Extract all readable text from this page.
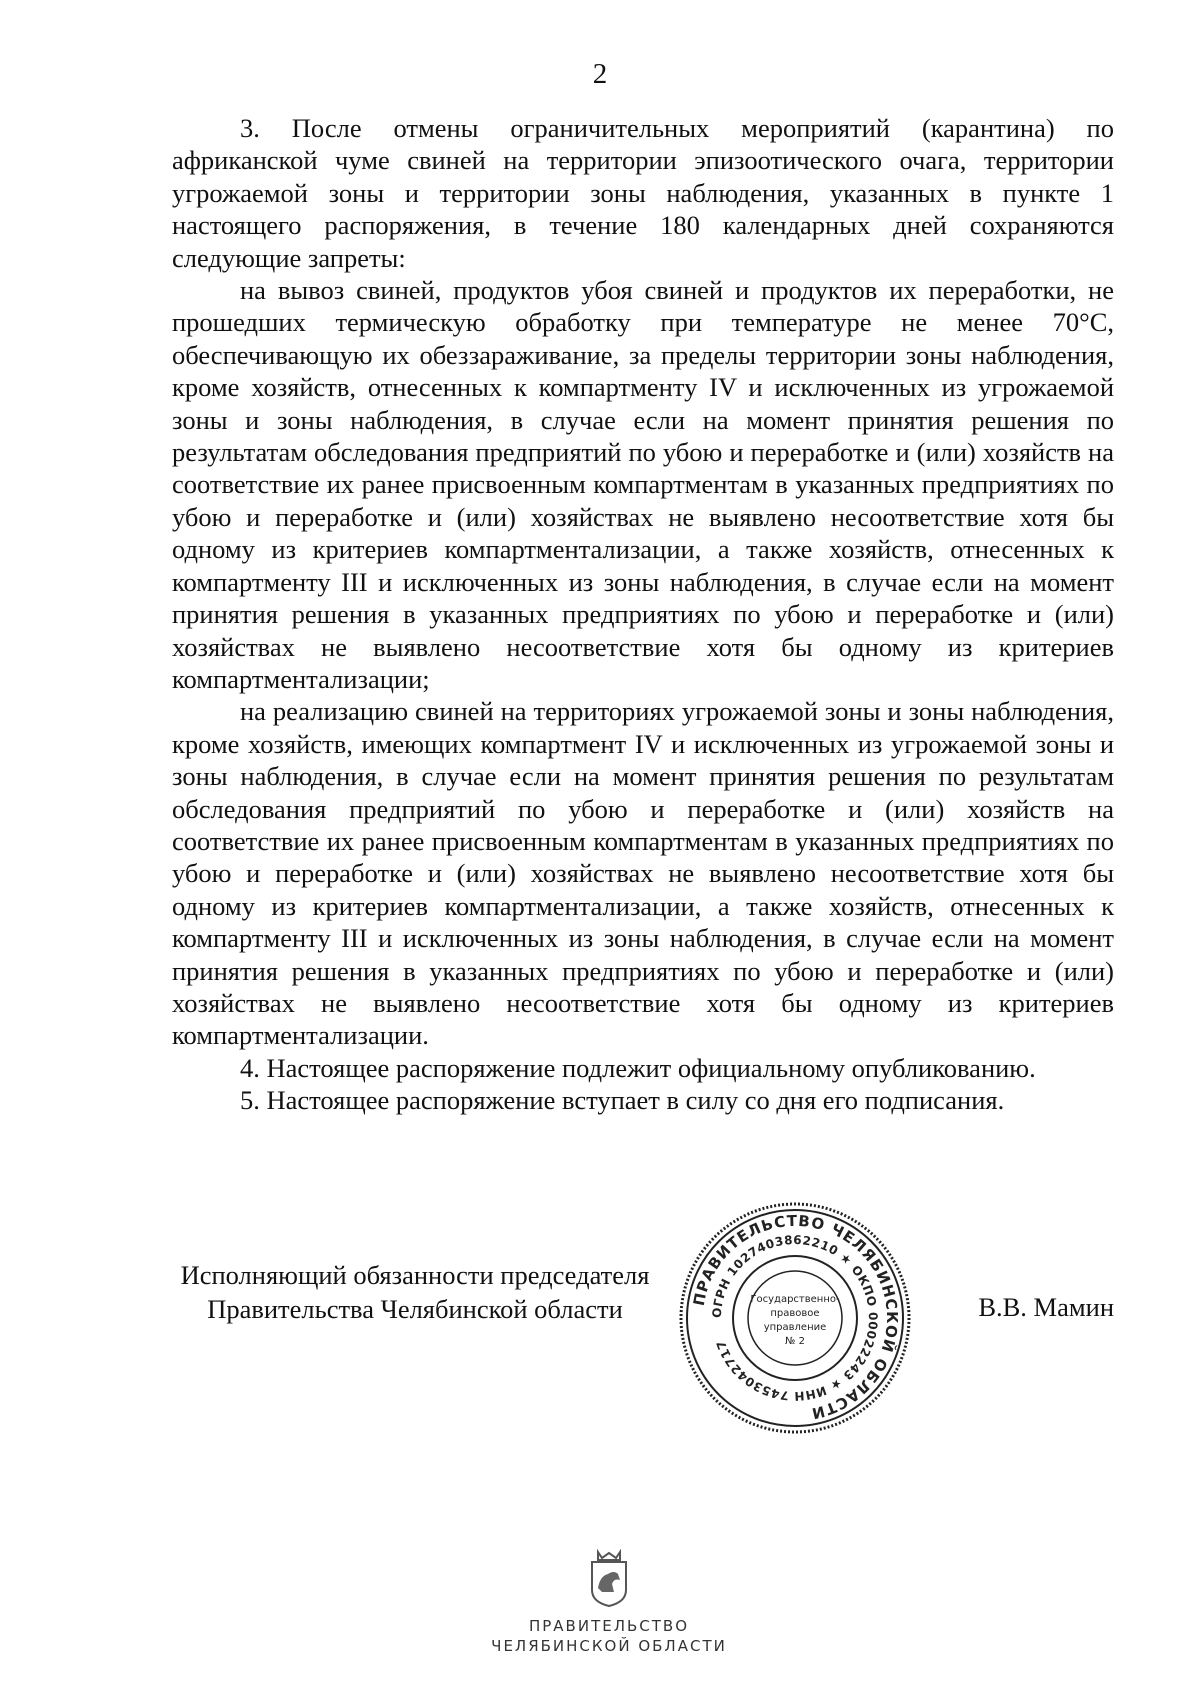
2

3. После отмены ограничительных мероприятий (карантина) по африканской чуме свиней на территории эпизоотического очага, территории угрожаемой зоны и территории зоны наблюдения, указанных в пункте 1 настоящего распоряжения, в течение 180 календарных дней сохраняются следующие запреты:

на вывоз свиней, продуктов убоя свиней и продуктов их переработки, не прошедших термическую обработку при температуре не менее 70°С, обеспечивающую их обеззараживание, за пределы территории зоны наблюдения, кроме хозяйств, отнесенных к компартменту IV и исключенных из угрожаемой зоны и зоны наблюдения, в случае если на момент принятия решения по результатам обследования предприятий по убою и переработке и (или) хозяйств на соответствие их ранее присвоенным компартментам в указанных предприятиях по убою и переработке и (или) хозяйствах не выявлено несоответствие хотя бы одному из критериев компартментализации, а также хозяйств, отнесенных к компартменту III и исключенных из зоны наблюдения, в случае если на момент принятия решения в указанных предприятиях по убою и переработке и (или) хозяйствах не выявлено несоответствие хотя бы одному из критериев компартментализации;

на реализацию свиней на территориях угрожаемой зоны и зоны наблюдения, кроме хозяйств, имеющих компартмент IV и исключенных из угрожаемой зоны и зоны наблюдения, в случае если на момент принятия решения по результатам обследования предприятий по убою и переработке и (или) хозяйств на соответствие их ранее присвоенным компартментам в указанных предприятиях по убою и переработке и (или) хозяйствах не выявлено несоответствие хотя бы одному из критериев компартментализации, а также хозяйств, отнесенных к компартменту III и исключенных из зоны наблюдения, в случае если на момент принятия решения в указанных предприятиях по убою и переработке и (или) хозяйствах не выявлено несоответствие хотя бы одному из критериев компартментализации.

4. Настоящее распоряжение подлежит официальному опубликованию.

5. Настоящее распоряжение вступает в силу со дня его подписания.

Исполняющий обязанности председателя
Правительства Челябинской области	В.В. Мамин
ПРАВИТЕЛЬСТВО ЧЕЛЯБИНСКОЙ ОБЛАСТИ
ОГРН 1027403862210 ★ ОКПО 00022243 ★ ИНН 7453042717
Государственно-
правовое
управление
№ 2
ПРАВИТЕЛЬСТВО
ЧЕЛЯБИНСКОЙ ОБЛАСТИ
